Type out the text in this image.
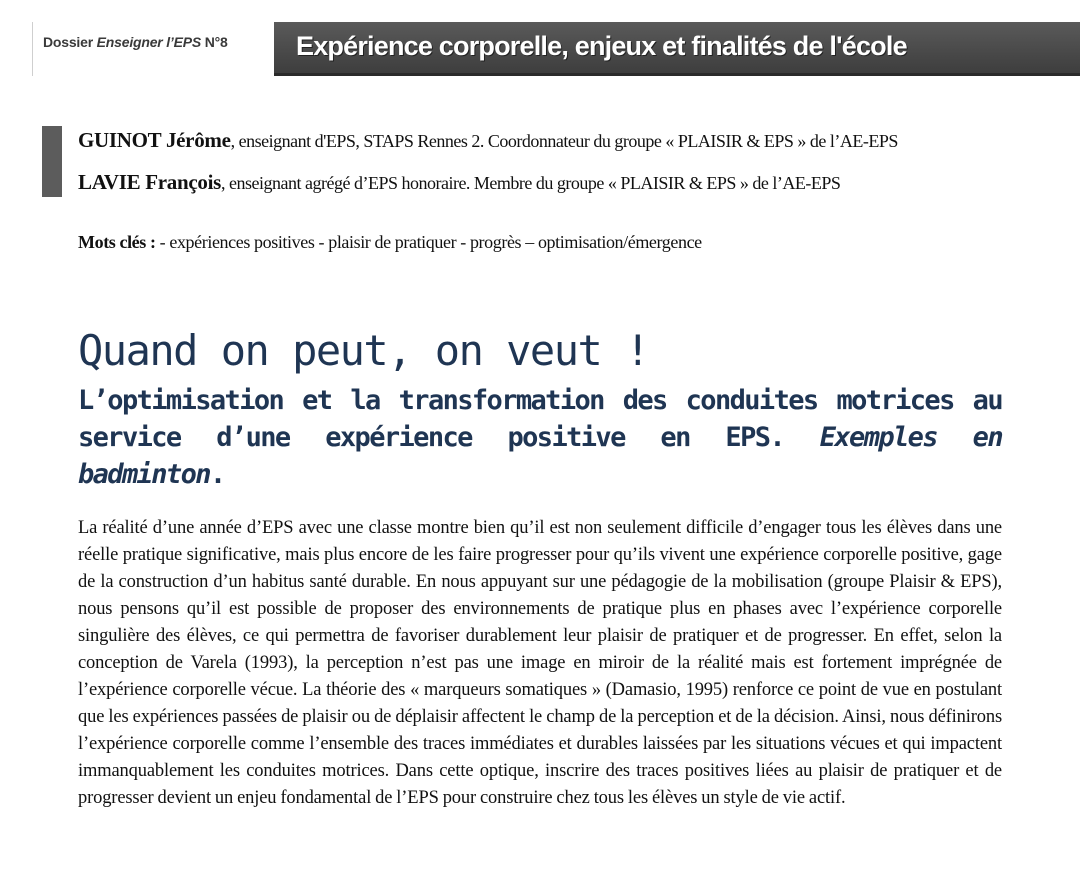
Dossier Enseigner l’EPS N°8	Expérience corporelle, enjeux et finalités de l'école
GUINOT Jérôme, enseignant d'EPS, STAPS Rennes 2. Coordonnateur du groupe « PLAISIR & EPS » de l’AE-EPS
LAVIE François, enseignant agrégé d’EPS honoraire. Membre du groupe « PLAISIR & EPS » de l’AE-EPS
Mots clés : - expériences positives - plaisir de pratiquer - progrès – optimisation/émergence
Quand on peut, on veut !
L’optimisation et la transformation des conduites motrices au service d’une expérience positive en EPS. Exemples en badminton.
La réalité d’une année d’EPS avec une classe montre bien qu’il est non seulement difficile d’engager tous les élèves dans une réelle pratique significative, mais plus encore de les faire progresser pour qu’ils vivent une expérience corporelle positive, gage de la construction d’un habitus santé durable. En nous appuyant sur une pédagogie de la mobilisation (groupe Plaisir & EPS), nous pensons qu’il est possible de proposer des environnements de pratique plus en phases avec l’expérience corporelle singulière des élèves, ce qui permettra de favoriser durablement leur plaisir de pratiquer et de progresser. En effet, selon la conception de Varela (1993), la perception n’est pas une image en miroir de la réalité mais est fortement imprégnée de l’expérience corporelle vécue. La théorie des « marqueurs somatiques » (Damasio, 1995) renforce ce point de vue en postulant que les expériences passées de plaisir ou de déplaisir affectent le champ de la perception et de la décision. Ainsi, nous définirons l’expérience corporelle comme l’ensemble des traces immédiates et durables laissées par les situations vécues et qui impactent immanquablement les conduites motrices. Dans cette optique, inscrire des traces positives liées au plaisir de pratiquer et de progresser devient un enjeu fondamental de l’EPS pour construire chez tous les élèves un style de vie actif.
